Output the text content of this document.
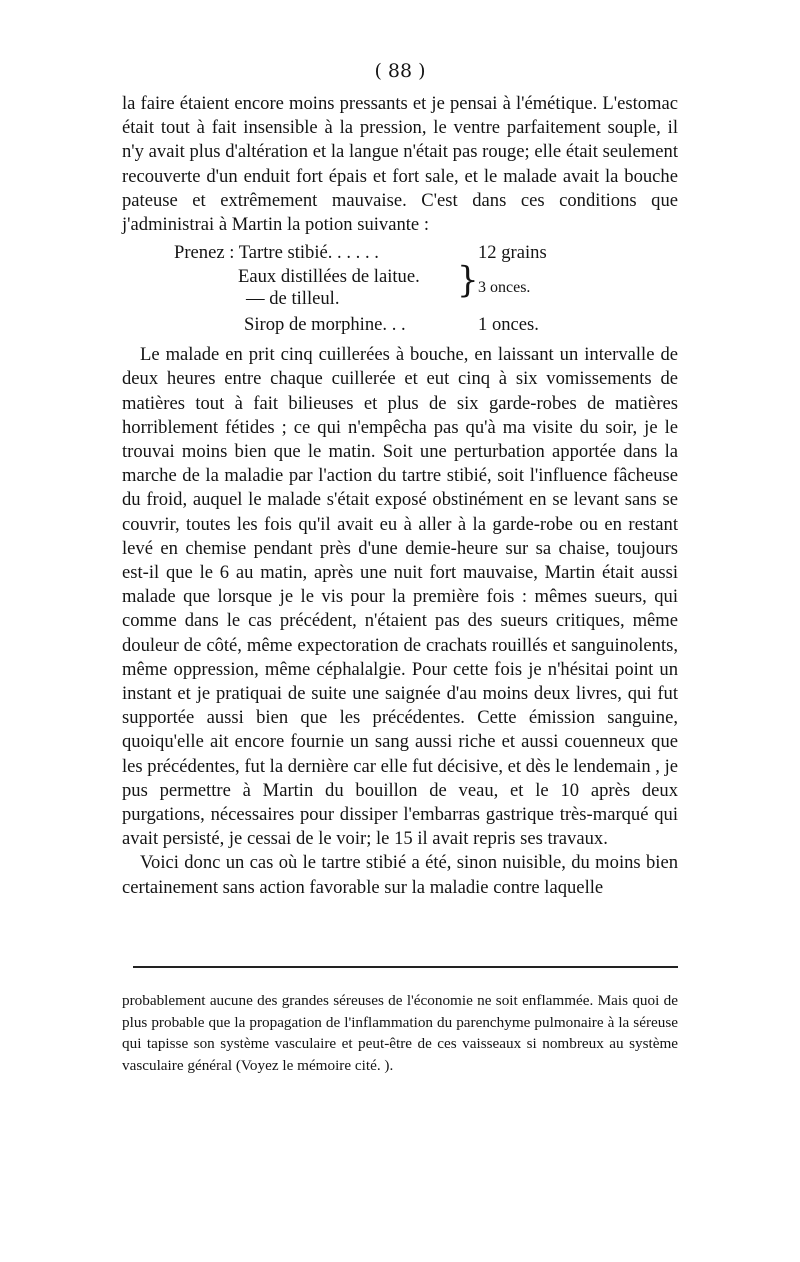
( 88 )

la faire étaient encore moins pressants et je pensai à l'émétique. L'estomac était tout à fait insensible à la pression, le ventre parfaitement souple, il n'y avait plus d'altération et la langue n'était pas rouge; elle était seulement recouverte d'un enduit fort épais et fort sale, et le malade avait la bouche pateuse et extrêmement mauvaise. C'est dans ces conditions que j'administrai à Martin la potion suivante :

Prenez : Tartre stibié. . . . . .	12 grains
Eaux distillées de laitue.
— de tilleul.	} 3 onces.
Sirop de morphine. . .	1 onces.

Le malade en prit cinq cuillerées à bouche, en laissant un intervalle de deux heures entre chaque cuillerée et eut cinq à six vomissements de matières tout à fait bilieuses et plus de six garde-robes de matières horriblement fétides ; ce qui n'empêcha pas qu'à ma visite du soir, je le trouvai moins bien que le matin. Soit une perturbation apportée dans la marche de la maladie par l'action du tartre stibié, soit l'influence fâcheuse du froid, auquel le malade s'était exposé obstinément en se levant sans se couvrir, toutes les fois qu'il avait eu à aller à la garde-robe ou en restant levé en chemise pendant près d'une demie-heure sur sa chaise, toujours est-il que le 6 au matin, après une nuit fort mauvaise, Martin était aussi malade que lorsque je le vis pour la première fois : mêmes sueurs, qui comme dans le cas précédent, n'étaient pas des sueurs critiques, même douleur de côté, même expectoration de crachats rouillés et sanguinolents, même oppression, même céphalalgie. Pour cette fois je n'hésitai point un instant et je pratiquai de suite une saignée d'au moins deux livres, qui fut supportée aussi bien que les précédentes. Cette émission sanguine, quoiqu'elle ait encore fournie un sang aussi riche et aussi couenneux que les précédentes, fut la dernière car elle fut décisive, et dès le lendemain , je pus permettre à Martin du bouillon de veau, et le 10 après deux purgations, nécessaires pour dissiper l'embarras gastrique très-marqué qui avait persisté, je cessai de le voir; le 15 il avait repris ses travaux.

Voici donc un cas où le tartre stibié a été, sinon nuisible, du moins bien certainement sans action favorable sur la maladie contre laquelle

probablement aucune des grandes séreuses de l'économie ne soit enflammée. Mais quoi de plus probable que la propagation de l'inflammation du parenchyme pulmonaire à la séreuse qui tapisse son système vasculaire et peut-être de ces vaisseaux si nombreux au système vasculaire général (Voyez le mémoire cité. ).
